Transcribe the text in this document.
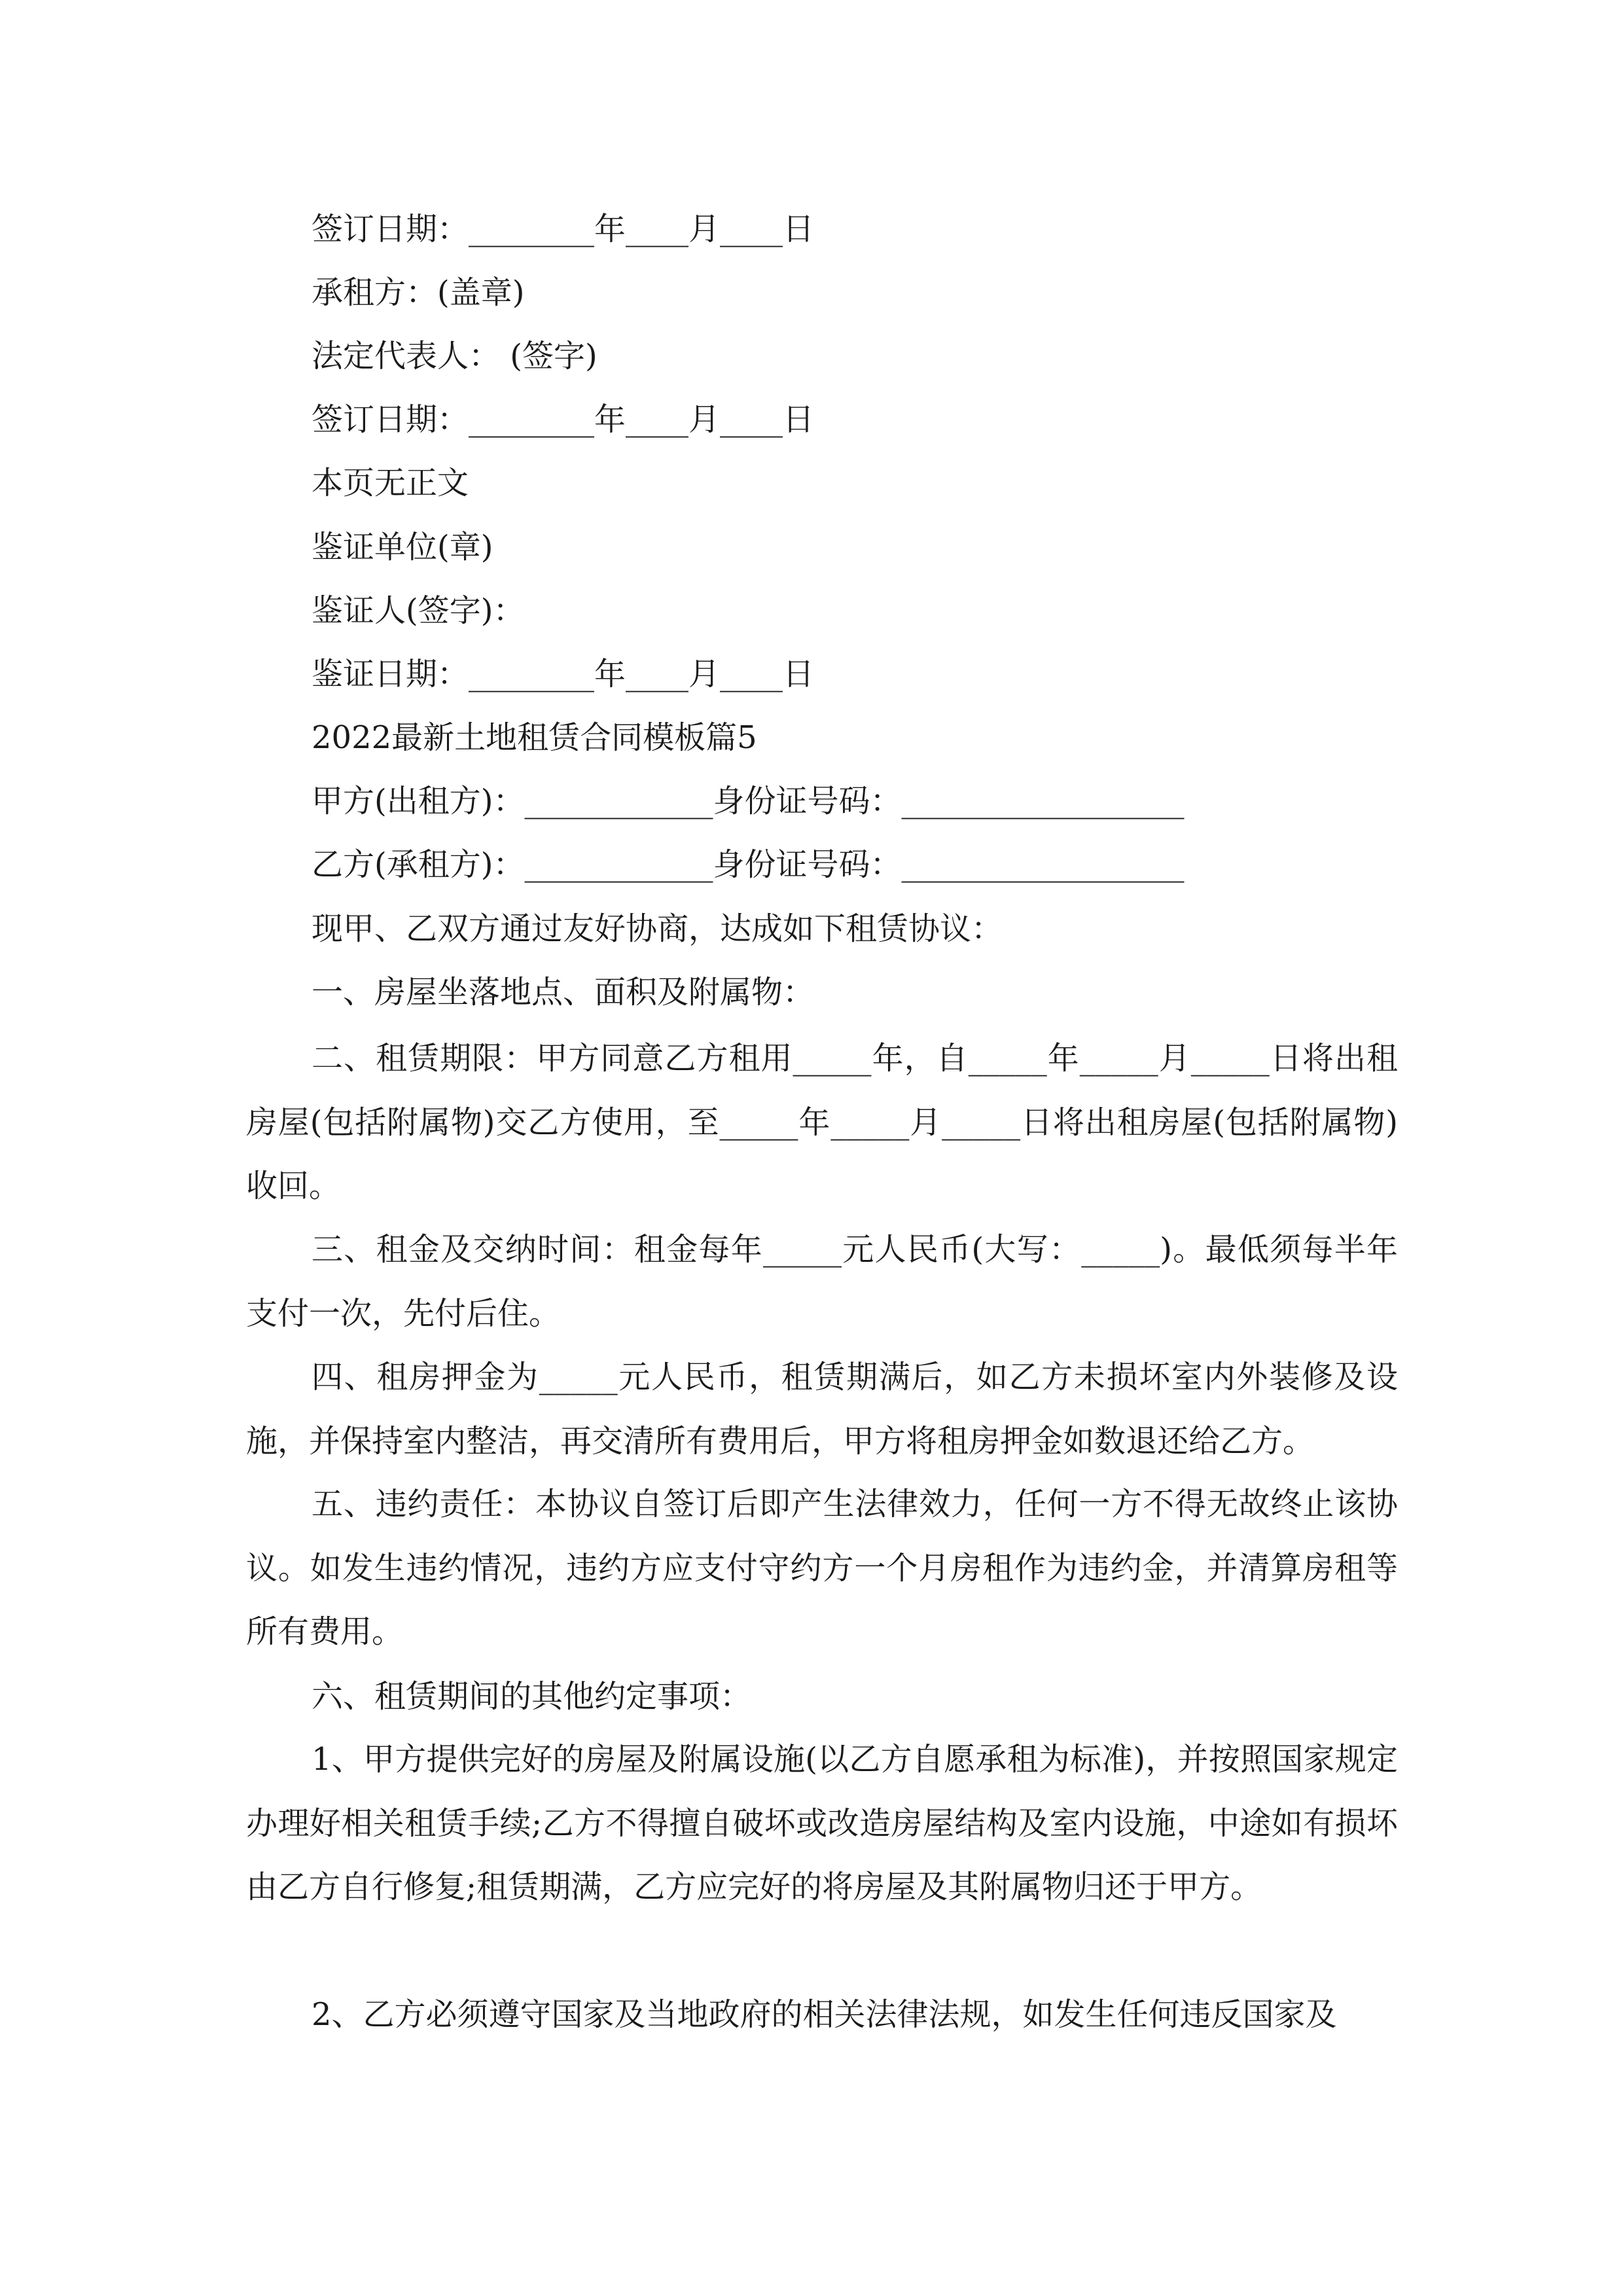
签订日期：________年____月____日
承租方：(盖章)
法定代表人： (签字)
签订日期：________年____月____日
本页无正文
鉴证单位(章)
鉴证人(签字)：
鉴证日期：________年____月____日
2022最新土地租赁合同模板篇5
甲方(出租方)：____________身份证号码：__________________
乙方(承租方)：____________身份证号码：__________________
现甲、乙双方通过友好协商，达成如下租赁协议：
一、房屋坐落地点、面积及附属物：
二、租赁期限：甲方同意乙方租用_____年，自_____年_____月_____日将出租房屋(包括附属物)交乙方使用，至_____年_____月_____日将出租房屋(包括附属物)收回。
三、租金及交纳时间：租金每年_____元人民币(大写：_____)。最低须每半年支付一次，先付后住。
四、租房押金为_____元人民币，租赁期满后，如乙方未损坏室内外装修及设施，并保持室内整洁，再交清所有费用后，甲方将租房押金如数退还给乙方。
五、违约责任：本协议自签订后即产生法律效力，任何一方不得无故终止该协议。如发生违约情况，违约方应支付守约方一个月房租作为违约金，并清算房租等所有费用。
六、租赁期间的其他约定事项：
1、甲方提供完好的房屋及附属设施(以乙方自愿承租为标准)，并按照国家规定办理好相关租赁手续;乙方不得擅自破坏或改造房屋结构及室内设施，中途如有损坏由乙方自行修复;租赁期满，乙方应完好的将房屋及其附属物归还于甲方。
2、乙方必须遵守国家及当地政府的相关法律法规，如发生任何违反国家及
